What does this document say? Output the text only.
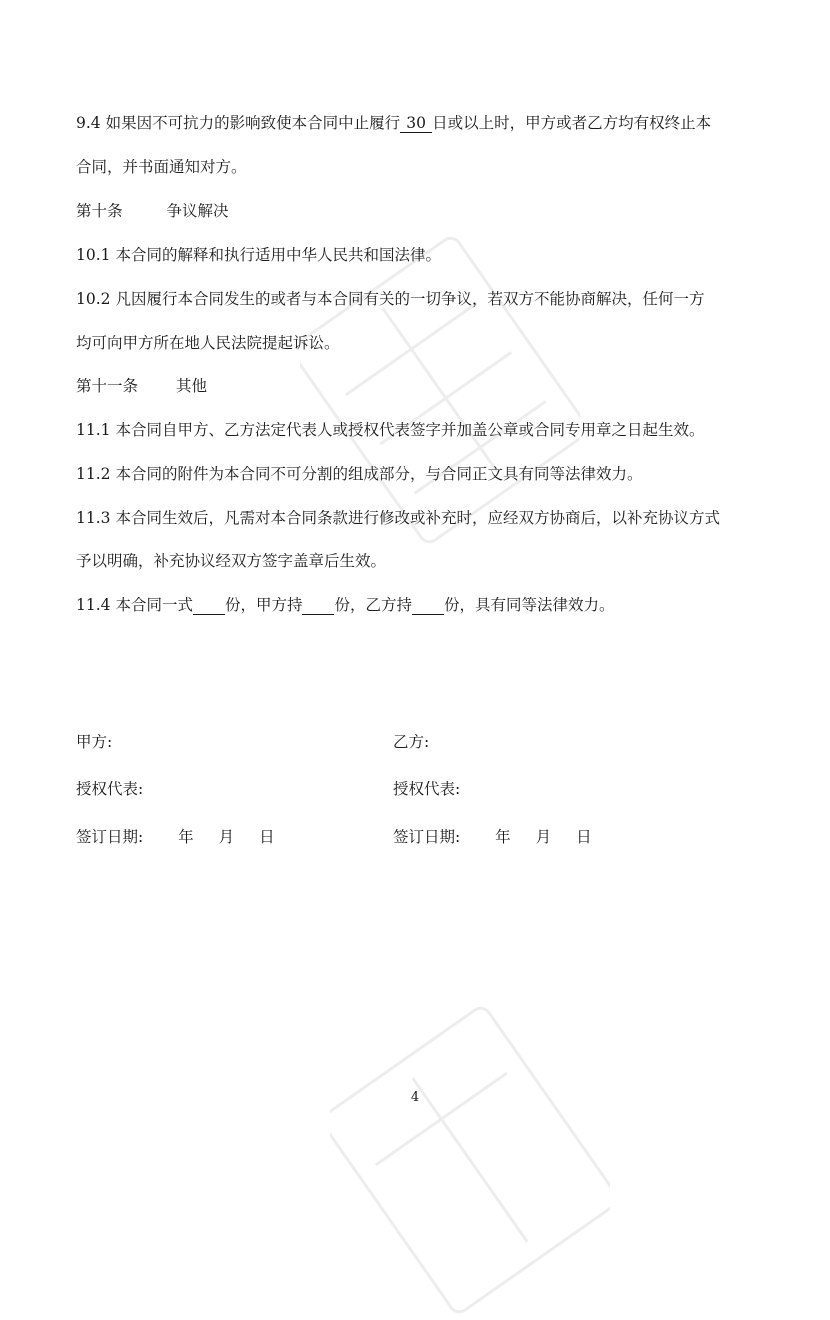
9.4 如果因不可抗力的影响致使本合同中止履行 30 日或以上时，甲方或者乙方均有权终止本
合同，并书面通知对方。
第十条	争议解决
10.1 本合同的解释和执行适用中华人民共和国法律。
10.2 凡因履行本合同发生的或者与本合同有关的一切争议，若双方不能协商解决，任何一方
均可向甲方所在地人民法院提起诉讼。
第十一条 其他
11.1 本合同自甲方、乙方法定代表人或授权代表签字并加盖公章或合同专用章之日起生效。
11.2 本合同的附件为本合同不可分割的组成部分，与合同正文具有同等法律效力。
11.3 本合同生效后，凡需对本合同条款进行修改或补充时，应经双方协商后，以补充协议方式
予以明确，补充协议经双方签字盖章后生效。
11.4 本合同一式 份，甲方持 份，乙方持 份，具有同等法律效力。
甲方:	乙方:
授权代表:	授权代表:
签订日期: 年 月 日	签订日期: 年 月 日
4
